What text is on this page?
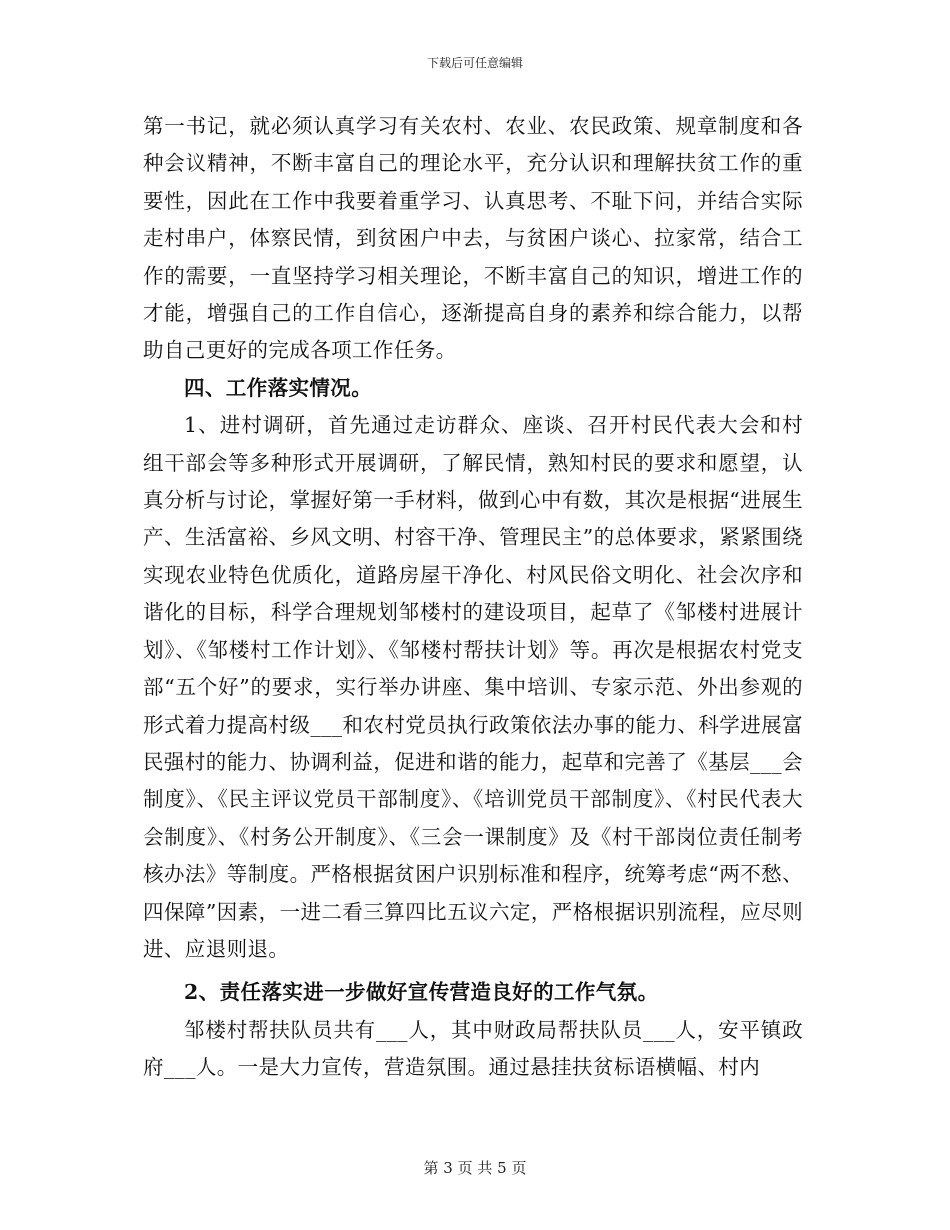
下载后可任意编辑

第一书记，就必须认真学习有关农村、农业、农民政策、规章制度和各种会议精神，不断丰富自己的理论水平，充分认识和理解扶贫工作的重要性，因此在工作中我要着重学习、认真思考、不耻下问，并结合实际走村串户，体察民情，到贫困户中去，与贫困户谈心、拉家常，结合工作的需要，一直坚持学习相关理论，不断丰富自己的知识，增进工作的才能，增强自己的工作自信心，逐渐提高自身的素养和综合能力，以帮助自己更好的完成各项工作任务。

四、工作落实情况。

1、进村调研，首先通过走访群众、座谈、召开村民代表大会和村组干部会等多种形式开展调研，了解民情，熟知村民的要求和愿望，认真分析与讨论，掌握好第一手材料，做到心中有数，其次是根据“进展生产、生活富裕、乡风文明、村容干净、管理民主”的总体要求，紧紧围绕实现农业特色优质化，道路房屋干净化、村风民俗文明化、社会次序和谐化的目标，科学合理规划邹楼村的建设项目，起草了《邹楼村进展计划》、《邹楼村工作计划》、《邹楼村帮扶计划》等。再次是根据农村党支部“五个好”的要求，实行举办讲座、集中培训、专家示范、外出参观的形式着力提高村级___和农村党员执行政策依法办事的能力、科学进展富民强村的能力、协调利益，促进和谐的能力，起草和完善了《基层___会制度》、《民主评议党员干部制度》、《培训党员干部制度》、《村民代表大会制度》、《村务公开制度》、《三会一课制度》及《村干部岗位责任制考核办法》等制度。严格根据贫困户识别标准和程序，统筹考虑“两不愁、四保障”因素，一进二看三算四比五议六定，严格根据识别流程，应尽则进、应退则退。

2、责任落实进一步做好宣传营造良好的工作气氛。

邹楼村帮扶队员共有___人，其中财政局帮扶队员___人，安平镇政府___人。一是大力宣传，营造氛围。通过悬挂扶贫标语横幅、村内

第 3 页 共 5 页
